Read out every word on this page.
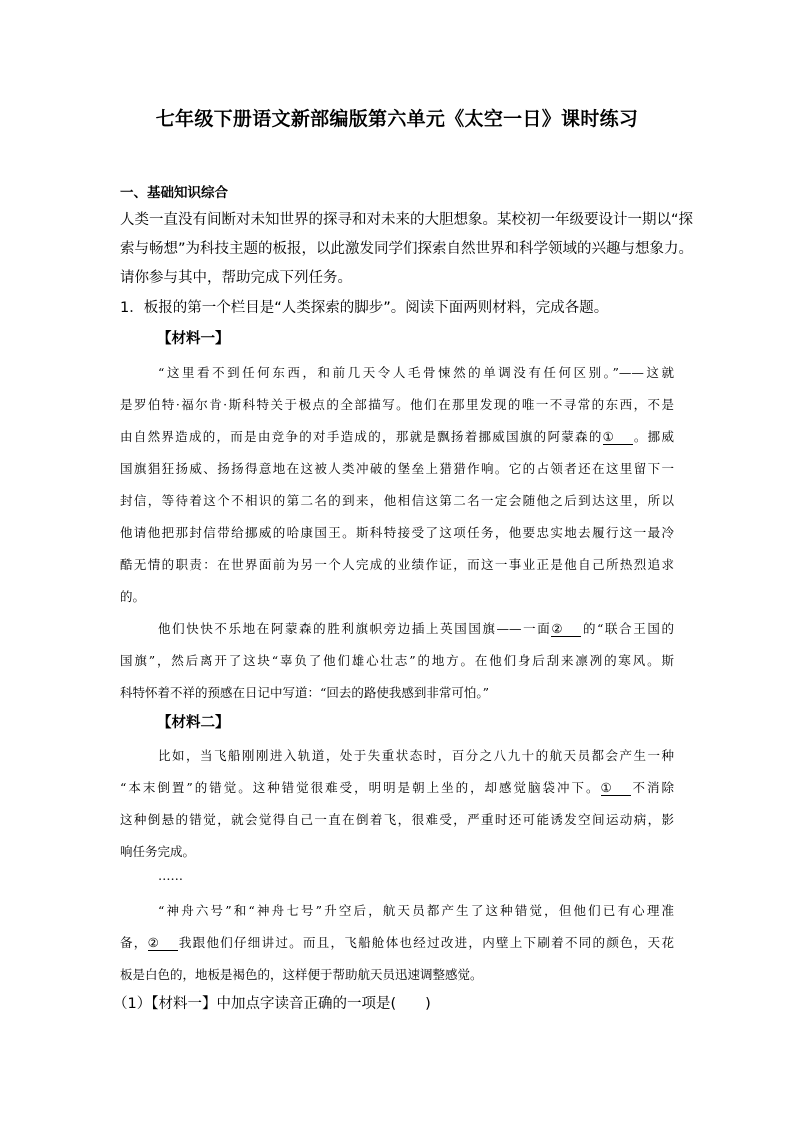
七年级下册语文新部编版第六单元《太空一日》课时练习
一、基础知识综合
人类一直没有间断对未知世界的探寻和对未来的大胆想象。某校初一年级要设计一期以“探
索与畅想”为科技主题的板报，以此激发同学们探索自然世界和科学领域的兴趣与想象力。
请你参与其中，帮助完成下列任务。
1．板报的第一个栏目是“人类探索的脚步”。阅读下面两则材料，完成各题。
【材料一】
“这里看不到任何东西，和前几天令人毛骨悚然的单调没有任何区别。”——这就
是罗伯特·福尔肯·斯科特关于极点的全部描写。他们在那里发现的唯一不寻常的东西，不是
由自然界造成的，而是由竞争的对手造成的，那就是飘扬着挪威国旗的阿蒙森的① 。挪威
国旗猖狂扬威、扬扬得意地在这被人类冲破的堡垒上猎猎作响。它的占领者还在这里留下一
封信，等待着这个不相识的第二名的到来，他相信这第二名一定会随他之后到达这里，所以
他请他把那封信带给挪威的哈康国王。斯科特接受了这项任务，他要忠实地去履行这一最冷
酷无情的职责：在世界面前为另一个人完成的业绩作证，而这一事业正是他自己所热烈追求
的。
他们快快不乐地在阿蒙森的胜利旗帜旁边插上英国国旗——一面② 的“联合王国的
国旗”，然后离开了这块“辜负了他们雄心壮志”的地方。在他们身后刮来凛冽的寒风。斯
科特怀着不祥的预感在日记中写道：“回去的路使我感到非常可怕。”
【材料二】
比如，当飞船刚刚进入轨道，处于失重状态时，百分之八九十的航天员都会产生一种
“本末倒置”的错觉。这种错觉很难受，明明是朝上坐的，却感觉脑袋冲下。① 不消除
这种倒悬的错觉，就会觉得自己一直在倒着飞，很难受，严重时还可能诱发空间运动病，影
响任务完成。
……
“神舟六号”和“神舟七号”升空后，航天员都产生了这种错觉，但他们已有心理准
备，② 我跟他们仔细讲过。而且，飞船舱体也经过改进，内壁上下刷着不同的颜色，天花
板是白色的，地板是褐色的，这样便于帮助航天员迅速调整感觉。
（1）【材料一】中加点字读音正确的一项是(　　)
